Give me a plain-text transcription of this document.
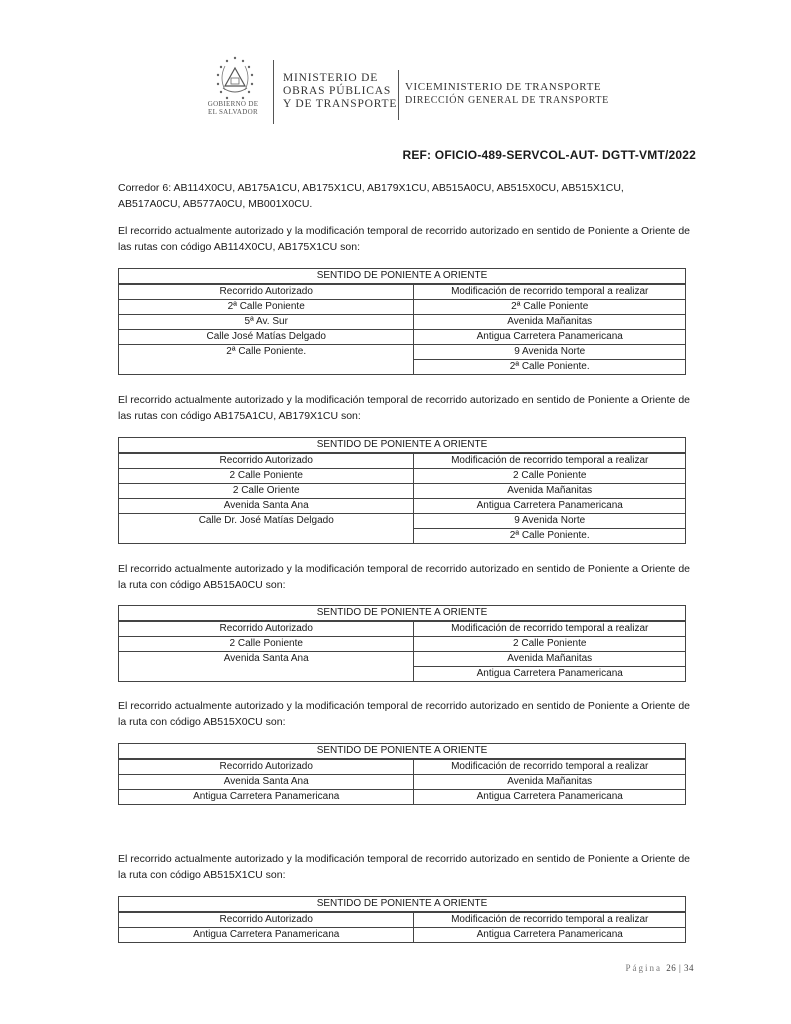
GOBIERNO DE
EL SALVADOR
MINISTERIO DE
OBRAS PÚBLICAS
Y DE TRANSPORTE
VICEMINISTERIO DE TRANSPORTE
DIRECCIÓN GENERAL DE TRANSPORTE
REF: OFICIO-489-SERVCOL-AUT- DGTT-VMT/2022
Corredor 6: AB114X0CU, AB175A1CU, AB175X1CU, AB179X1CU, AB515A0CU, AB515X0CU, AB515X1CU, AB517A0CU, AB577A0CU, MB001X0CU.
El recorrido actualmente autorizado y la modificación temporal de recorrido autorizado en sentido de Poniente a Oriente de las rutas con código AB114X0CU, AB175X1CU son:
SENTIDO DE PONIENTE A ORIENTE	
Recorrido Autorizado	Modificación de recorrido temporal a realizar
2ª Calle Poniente	2ª Calle Poniente
5ª Av. Sur	Avenida Mañanitas
Calle José Matías Delgado	Antigua Carretera Panamericana
2ª Calle Poniente.	9 Avenida Norte
	2ª Calle Poniente.
El recorrido actualmente autorizado y la modificación temporal de recorrido autorizado en sentido de Poniente a Oriente de las rutas con código AB175A1CU, AB179X1CU son:
SENTIDO DE PONIENTE A ORIENTE	
Recorrido Autorizado	Modificación de recorrido temporal a realizar
2 Calle Poniente	2 Calle Poniente
2 Calle Oriente	Avenida Mañanitas
Avenida Santa Ana	Antigua Carretera Panamericana
Calle Dr. José Matías Delgado	9 Avenida Norte
	2ª Calle Poniente.
El recorrido actualmente autorizado y la modificación temporal de recorrido autorizado en sentido de Poniente a Oriente de la ruta con código AB515A0CU son:
SENTIDO DE PONIENTE A ORIENTE	
Recorrido Autorizado	Modificación de recorrido temporal a realizar
2 Calle Poniente	2 Calle Poniente
Avenida Santa Ana	Avenida Mañanitas
	Antigua Carretera Panamericana
El recorrido actualmente autorizado y la modificación temporal de recorrido autorizado en sentido de Poniente a Oriente de la ruta con código AB515X0CU son:
SENTIDO DE PONIENTE A ORIENTE	
Recorrido Autorizado	Modificación de recorrido temporal a realizar
Avenida Santa Ana	Avenida Mañanitas
Antigua Carretera Panamericana	Antigua Carretera Panamericana
El recorrido actualmente autorizado y la modificación temporal de recorrido autorizado en sentido de Poniente a Oriente de la ruta con código AB515X1CU son:
SENTIDO DE PONIENTE A ORIENTE	
Recorrido Autorizado	Modificación de recorrido temporal a realizar
Antigua Carretera Panamericana	Antigua Carretera Panamericana
Página 26 | 34
